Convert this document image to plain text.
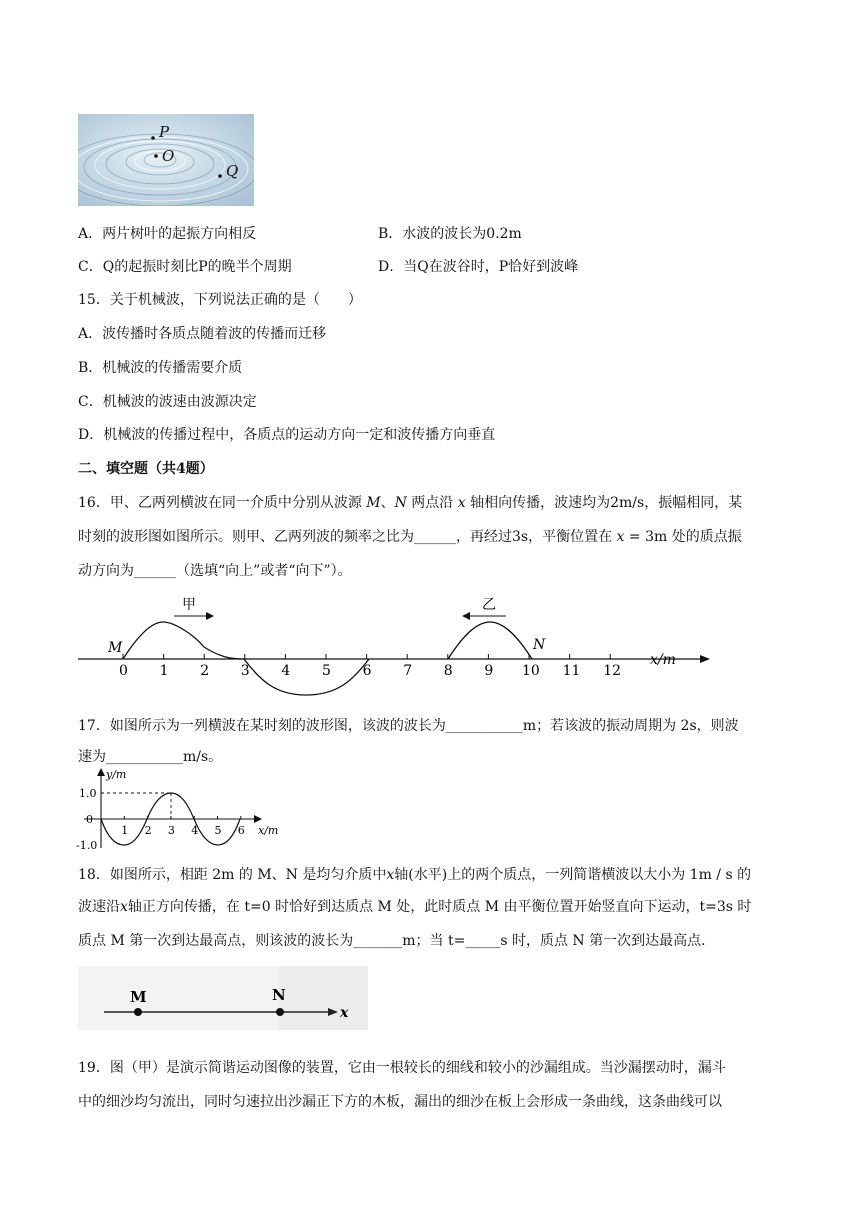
P
O
Q
A．两片树叶的起振方向相反	B．水波的波长为0.2m
C．Q的起振时刻比P的晚半个周期	D．当Q在波谷时，P恰好到波峰
15．关于机械波，下列说法正确的是（　　）
A．波传播时各质点随着波的传播而迁移
B．机械波的传播需要介质
C．机械波的波速由波源决定
D．机械波的传播过程中，各质点的运动方向一定和波传播方向垂直
二、填空题（共4题）
16．甲、乙两列横波在同一介质中分别从波源 M、N 两点沿 x 轴相向传播，波速均为2m/s，振幅相同，某
时刻的波形图如图所示。则甲、乙两列波的频率之比为______，再经过3s，平衡位置在 x = 3m 处的质点振
动方向为______（选填“向上”或者“向下”）。
0 1 2 3 4 5 6 7 8 9 10 11 12
甲	乙
M	N
x/m
17．如图所示为一列横波在某时刻的波形图，该波的波长为___________m；若该波的振动周期为 2s，则波
速为___________m/s。
y/m
x/m
1.0
0
-1.0
1 2 3 4 5 6
18．如图所示，相距 2m 的 M、N 是均匀介质中x轴(水平)上的两个质点，一列简谐横波以大小为 1m / s 的
波速沿x轴正方向传播，在 t=0 时恰好到达质点 M 处，此时质点 M 由平衡位置开始竖直向下运动，t=3s 时
质点 M 第一次到达最高点，则该波的波长为_______m；当 t=_____s 时，质点 N 第一次到达最高点．
M	N
x
19．图（甲）是演示简谐运动图像的装置，它由一根较长的细线和较小的沙漏组成。当沙漏摆动时，漏斗
中的细沙均匀流出，同时匀速拉出沙漏正下方的木板，漏出的细沙在板上会形成一条曲线，这条曲线可以
